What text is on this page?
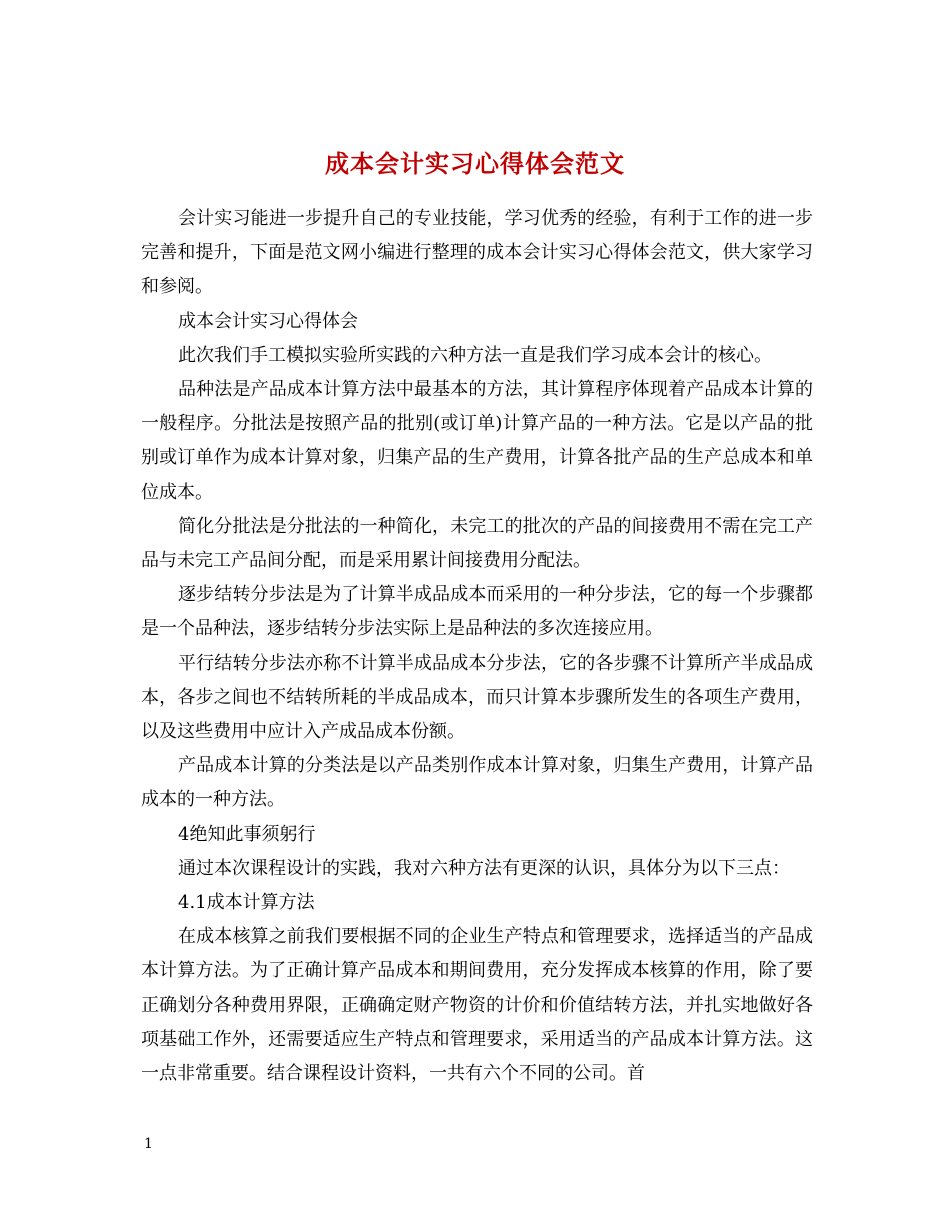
成本会计实习心得体会范文

会计实习能进一步提升自己的专业技能，学习优秀的经验，有利于工作的进一步完善和提升，下面是范文网小编进行整理的成本会计实习心得体会范文，供大家学习和参阅。

成本会计实习心得体会

此次我们手工模拟实验所实践的六种方法一直是我们学习成本会计的核心。

品种法是产品成本计算方法中最基本的方法，其计算程序体现着产品成本计算的一般程序。分批法是按照产品的批别(或订单)计算产品的一种方法。它是以产品的批别或订单作为成本计算对象，归集产品的生产费用，计算各批产品的生产总成本和单位成本。

简化分批法是分批法的一种简化，未完工的批次的产品的间接费用不需在完工产品与未完工产品间分配，而是采用累计间接费用分配法。

逐步结转分步法是为了计算半成品成本而采用的一种分步法，它的每一个步骤都是一个品种法，逐步结转分步法实际上是品种法的多次连接应用。

平行结转分步法亦称不计算半成品成本分步法，它的各步骤不计算所产半成品成本，各步之间也不结转所耗的半成品成本，而只计算本步骤所发生的各项生产费用，以及这些费用中应计入产成品成本份额。

产品成本计算的分类法是以产品类别作成本计算对象，归集生产费用，计算产品成本的一种方法。

4绝知此事须躬行

通过本次课程设计的实践，我对六种方法有更深的认识，具体分为以下三点：

4.1成本计算方法

在成本核算之前我们要根据不同的企业生产特点和管理要求，选择适当的产品成本计算方法。为了正确计算产品成本和期间费用，充分发挥成本核算的作用，除了要正确划分各种费用界限，正确确定财产物资的计价和价值结转方法，并扎实地做好各项基础工作外，还需要适应生产特点和管理要求，采用适当的产品成本计算方法。这一点非常重要。结合课程设计资料，一共有六个不同的公司。首

1
